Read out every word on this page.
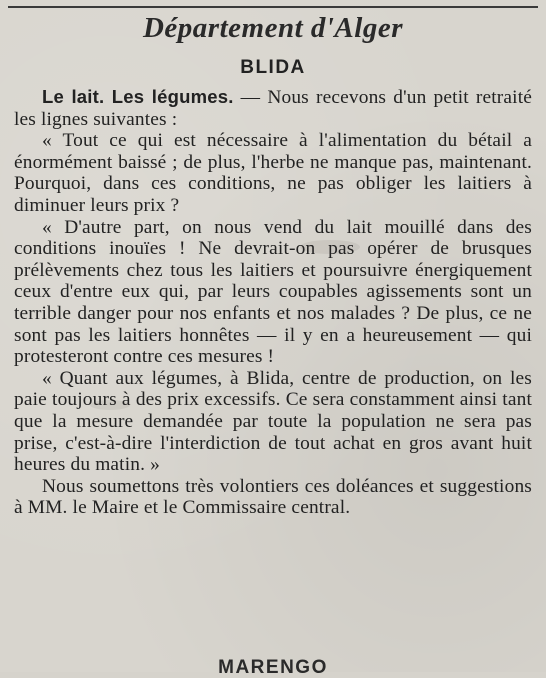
Département d'Alger
BLIDA

Le lait. Les légumes. — Nous recevons d'un petit retraité les lignes suivantes :

« Tout ce qui est nécessaire à l'alimentation du bétail a énormément baissé ; de plus, l'herbe ne manque pas, maintenant. Pourquoi, dans ces conditions, ne pas obliger les laitiers à diminuer leurs prix ?

« D'autre part, on nous vend du lait mouillé dans des conditions inouïes ! Ne devrait-on pas opérer de brusques prélèvements chez tous les laitiers et poursuivre énergiquement ceux d'entre eux qui, par leurs coupables agissements sont un terrible danger pour nos enfants et nos malades ? De plus, ce ne sont pas les laitiers honnêtes — il y en a heureusement — qui protesteront contre ces mesures !

« Quant aux légumes, à Blida, centre de production, on les paie toujours à des prix excessifs. Ce sera constamment ainsi tant que la mesure demandée par toute la population ne sera pas prise, c'est-à-dire l'interdiction de tout achat en gros avant huit heures du matin. »

Nous soumettons très volontiers ces doléances et suggestions à MM. le Maire et le Commissaire central.

MARENGO
